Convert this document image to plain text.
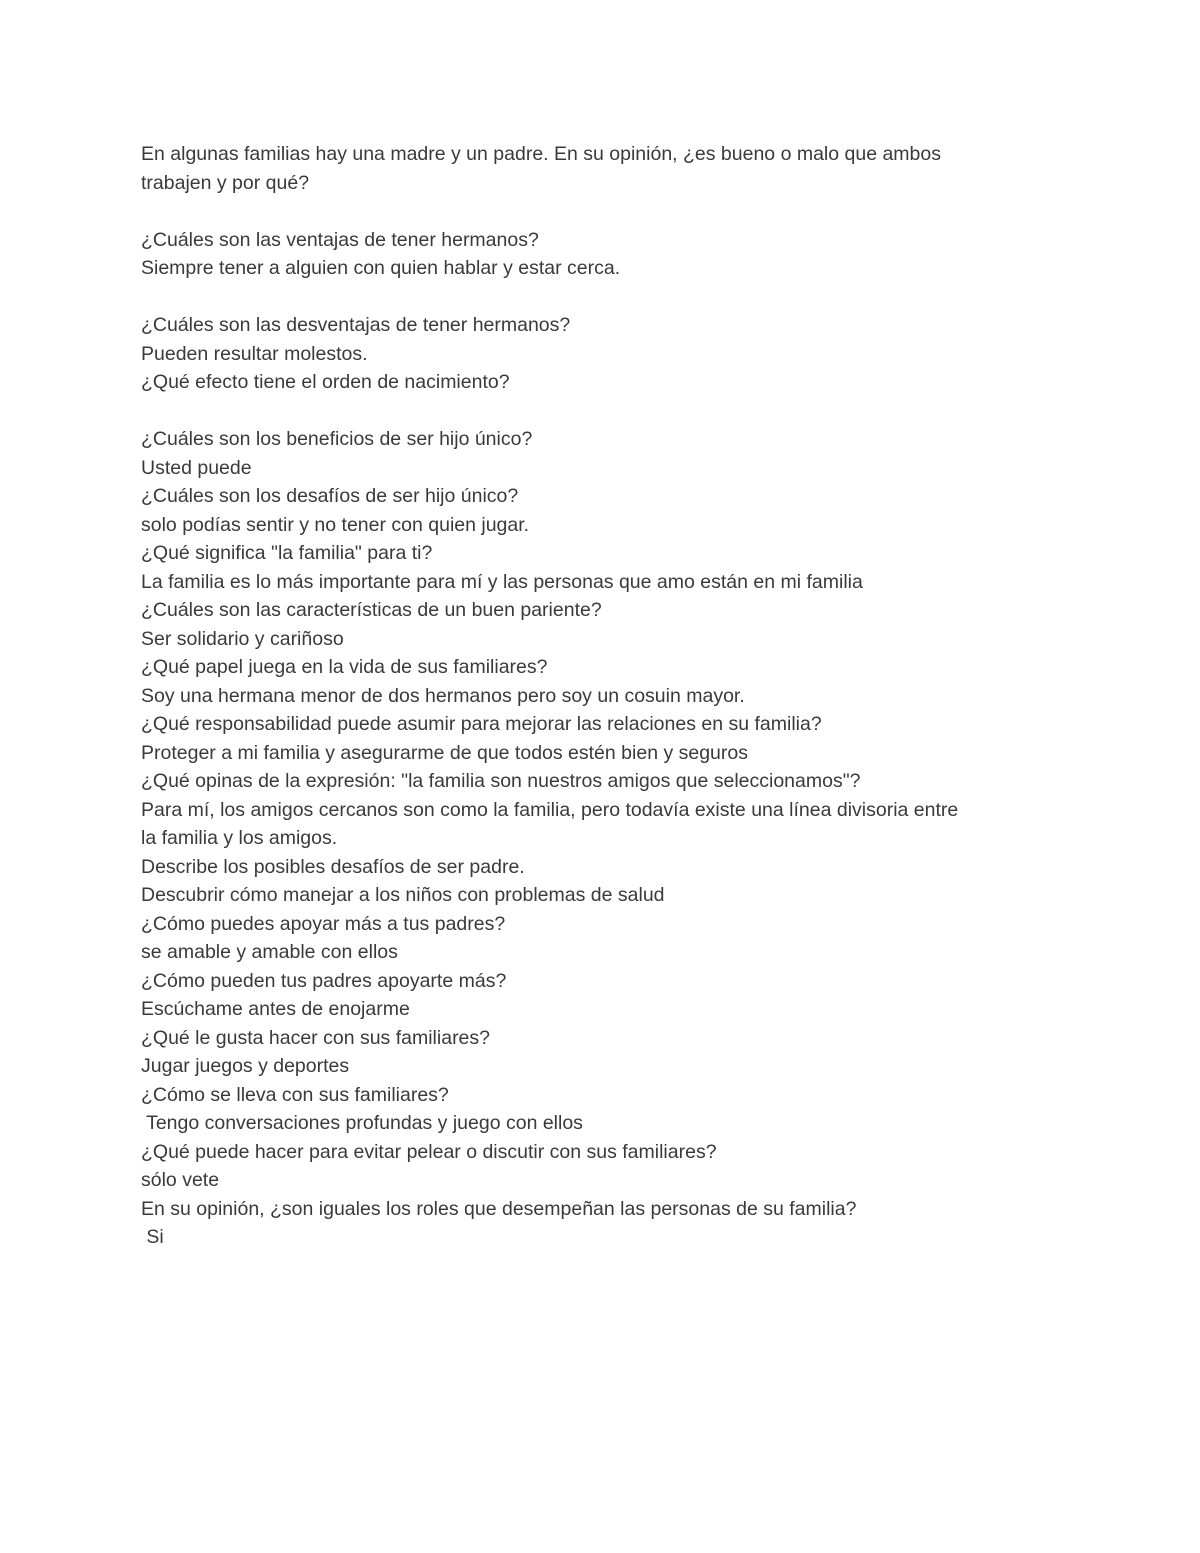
En algunas familias hay una madre y un padre. En su opinión, ¿es bueno o malo que ambos
trabajen y por qué?
¿Cuáles son las ventajas de tener hermanos?
Siempre tener a alguien con quien hablar y estar cerca.
¿Cuáles son las desventajas de tener hermanos?
Pueden resultar molestos.
¿Qué efecto tiene el orden de nacimiento?
¿Cuáles son los beneficios de ser hijo único?
Usted puede
¿Cuáles son los desafíos de ser hijo único?
solo podías sentir y no tener con quien jugar.
¿Qué significa "la familia" para ti?
La familia es lo más importante para mí y las personas que amo están en mi familia
¿Cuáles son las características de un buen pariente?
Ser solidario y cariñoso
¿Qué papel juega en la vida de sus familiares?
Soy una hermana menor de dos hermanos pero soy un cosuin mayor.
¿Qué responsabilidad puede asumir para mejorar las relaciones en su familia?
Proteger a mi familia y asegurarme de que todos estén bien y seguros
¿Qué opinas de la expresión: "la familia son nuestros amigos que seleccionamos"?
Para mí, los amigos cercanos son como la familia, pero todavía existe una línea divisoria entre
la familia y los amigos.
Describe los posibles desafíos de ser padre.
Descubrir cómo manejar a los niños con problemas de salud
¿Cómo puedes apoyar más a tus padres?
se amable y amable con ellos
¿Cómo pueden tus padres apoyarte más?
Escúchame antes de enojarme
¿Qué le gusta hacer con sus familiares?
Jugar juegos y deportes
¿Cómo se lleva con sus familiares?
Tengo conversaciones profundas y juego con ellos
¿Qué puede hacer para evitar pelear o discutir con sus familiares?
sólo vete
En su opinión, ¿son iguales los roles que desempeñan las personas de su familia?
Si
